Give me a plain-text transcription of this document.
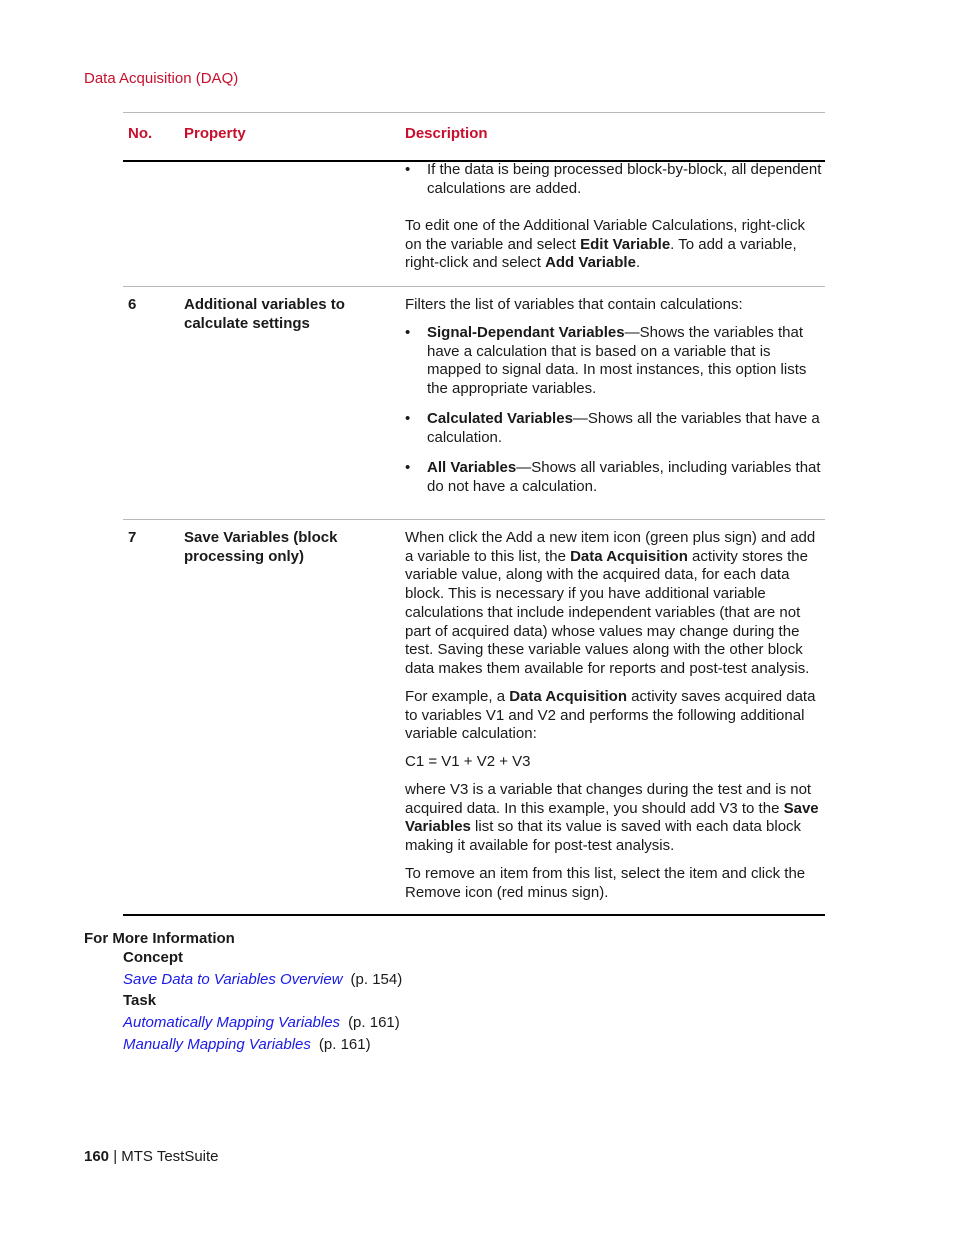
Data Acquisition (DAQ)
No. Property	Description
• If the data is being processed block-by-block, all dependent calculations are added.

To edit one of the Additional Variable Calculations, right-click on the variable and select Edit Variable. To add a variable, right-click and select Add Variable.

6	Additional variables to calculate settings
Filters the list of variables that contain calculations:
• Signal-Dependant Variables—Shows the variables that have a calculation that is based on a variable that is mapped to signal data. In most instances, this option lists the appropriate variables.
• Calculated Variables—Shows all the variables that have a calculation.
• All Variables—Shows all variables, including variables that do not have a calculation.
7	Save Variables (block processing only)

When click the Add a new item icon (green plus sign) and add a variable to this list, the Data Acquisition activity stores the variable value, along with the acquired data, for each data block. This is necessary if you have additional variable calculations that include independent variables (that are not part of acquired data) whose values may change during the test. Saving these variable values along with the other block data makes them available for reports and post-test analysis.

For example, a Data Acquisition activity saves acquired data to variables V1 and V2 and performs the following additional variable calculation:

C1 = V1 + V2 + V3

where V3 is a variable that changes during the test and is not acquired data. In this example, you should add V3 to the Save Variables list so that its value is saved with each data block making it available for post-test analysis.

To remove an item from this list, select the item and click the Remove icon (red minus sign).
For More Information
Concept
Save Data to Variables Overview (p. 154)
Task
Automatically Mapping Variables (p. 161)
Manually Mapping Variables (p. 161)
160 | MTS TestSuite
